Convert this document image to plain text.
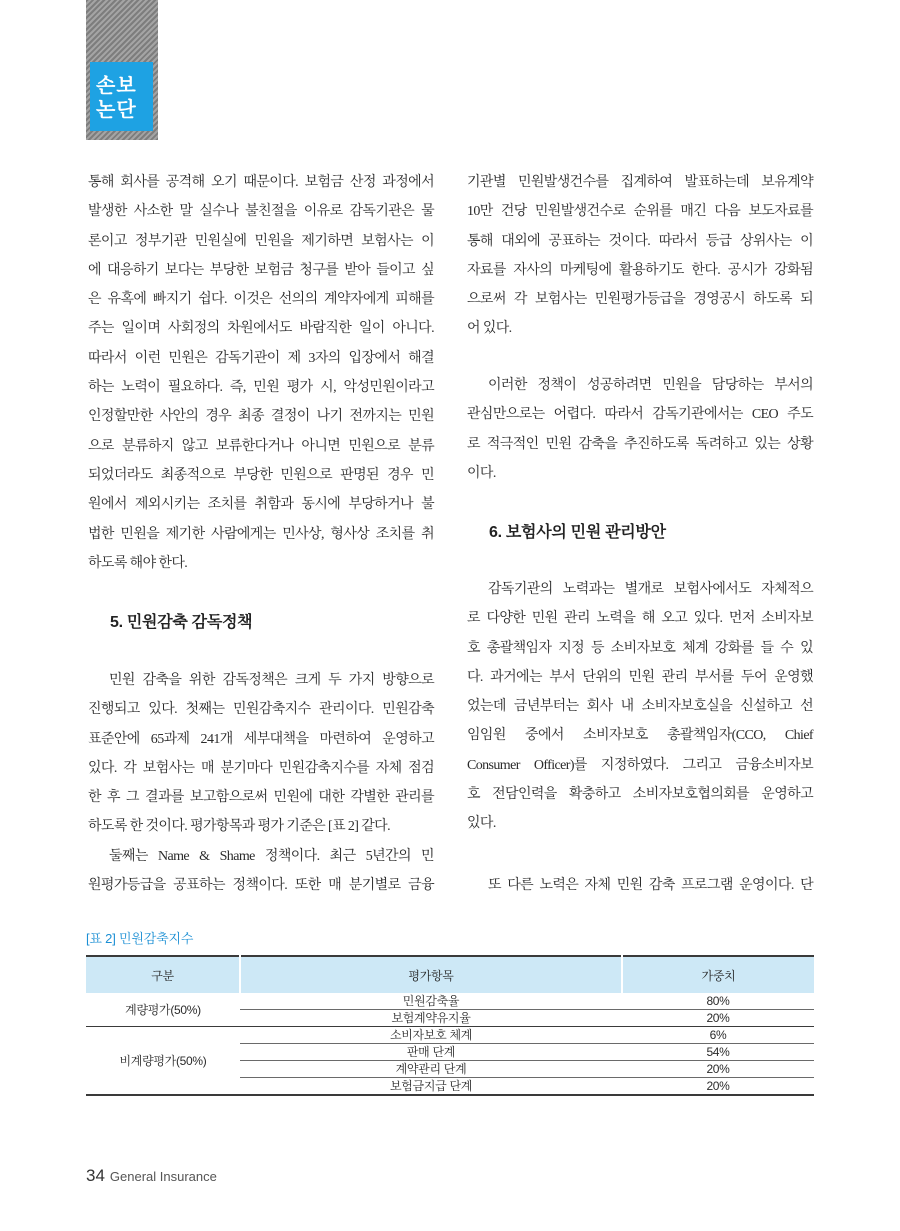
손보
논단
통해 회사를 공격해 오기 때문이다. 보험금 산정 과정에서
발생한 사소한 말 실수나 불친절을 이유로 감독기관은 물
론이고 정부기관 민원실에 민원을 제기하면 보험사는 이
에 대응하기 보다는 부당한 보험금 청구를 받아 들이고 싶
은 유혹에 빠지기 쉽다. 이것은 선의의 계약자에게 피해를
주는 일이며 사회정의 차원에서도 바람직한 일이 아니다.
따라서 이런 민원은 감독기관이 제 3자의 입장에서 해결
하는 노력이 필요하다. 즉, 민원 평가 시, 악성민원이라고
인정할만한 사안의 경우 최종 결정이 나기 전까지는 민원
으로 분류하지 않고 보류한다거나 아니면 민원으로 분류
되었더라도 최종적으로 부당한 민원으로 판명된 경우 민
원에서 제외시키는 조치를 취함과 동시에 부당하거나 불
법한 민원을 제기한 사람에게는 민사상, 형사상 조치를 취
하도록 해야 한다.
5. 민원감축 감독정책
민원 감축을 위한 감독정책은 크게 두 가지 방향으로
진행되고 있다. 첫째는 민원감축지수 관리이다. 민원감축
표준안에 65과제 241개 세부대책을 마련하여 운영하고
있다. 각 보험사는 매 분기마다 민원감축지수를 자체 점검
한 후 그 결과를 보고함으로써 민원에 대한 각별한 관리를
하도록 한 것이다. 평가항목과 평가 기준은 [표 2] 같다.
둘째는 Name & Shame 정책이다. 최근 5년간의 민
원평가등급을 공표하는 정책이다. 또한 매 분기별로 금융
기관별 민원발생건수를 집계하여 발표하는데 보유계약
10만 건당 민원발생건수로 순위를 매긴 다음 보도자료를
통해 대외에 공표하는 것이다. 따라서 등급 상위사는 이
자료를 자사의 마케팅에 활용하기도 한다. 공시가 강화됨
으로써 각 보험사는 민원평가등급을 경영공시 하도록 되
어 있다.
이러한 정책이 성공하려면 민원을 담당하는 부서의
관심만으로는 어렵다. 따라서 감독기관에서는 CEO 주도
로 적극적인 민원 감축을 추진하도록 독려하고 있는 상황
이다.
6. 보험사의 민원 관리방안
감독기관의 노력과는 별개로 보험사에서도 자체적으
로 다양한 민원 관리 노력을 해 오고 있다. 먼저 소비자보
호 총괄책임자 지정 등 소비자보호 체계 강화를 들 수 있
다. 과거에는 부서 단위의 민원 관리 부서를 두어 운영했
었는데 금년부터는 회사 내 소비자보호실을 신설하고 선
임임원 중에서 소비자보호 총괄책임자(CCO, Chief
Consumer Officer)를 지정하였다. 그리고 금융소비자보
호 전담인력을 확충하고 소비자보호협의회를 운영하고
있다.
또 다른 노력은 자체 민원 감축 프로그램 운영이다. 단
[표 2] 민원감축지수
구분	평가항목	가중치
계량평가(50%)	민원감축율	80%
	보험계약유지율	20%
비계량평가(50%)	소비자보호 체계	6%
	판매 단계	54%
	계약관리 단계	20%
	보험금지급 단계	20%
34 General Insurance
